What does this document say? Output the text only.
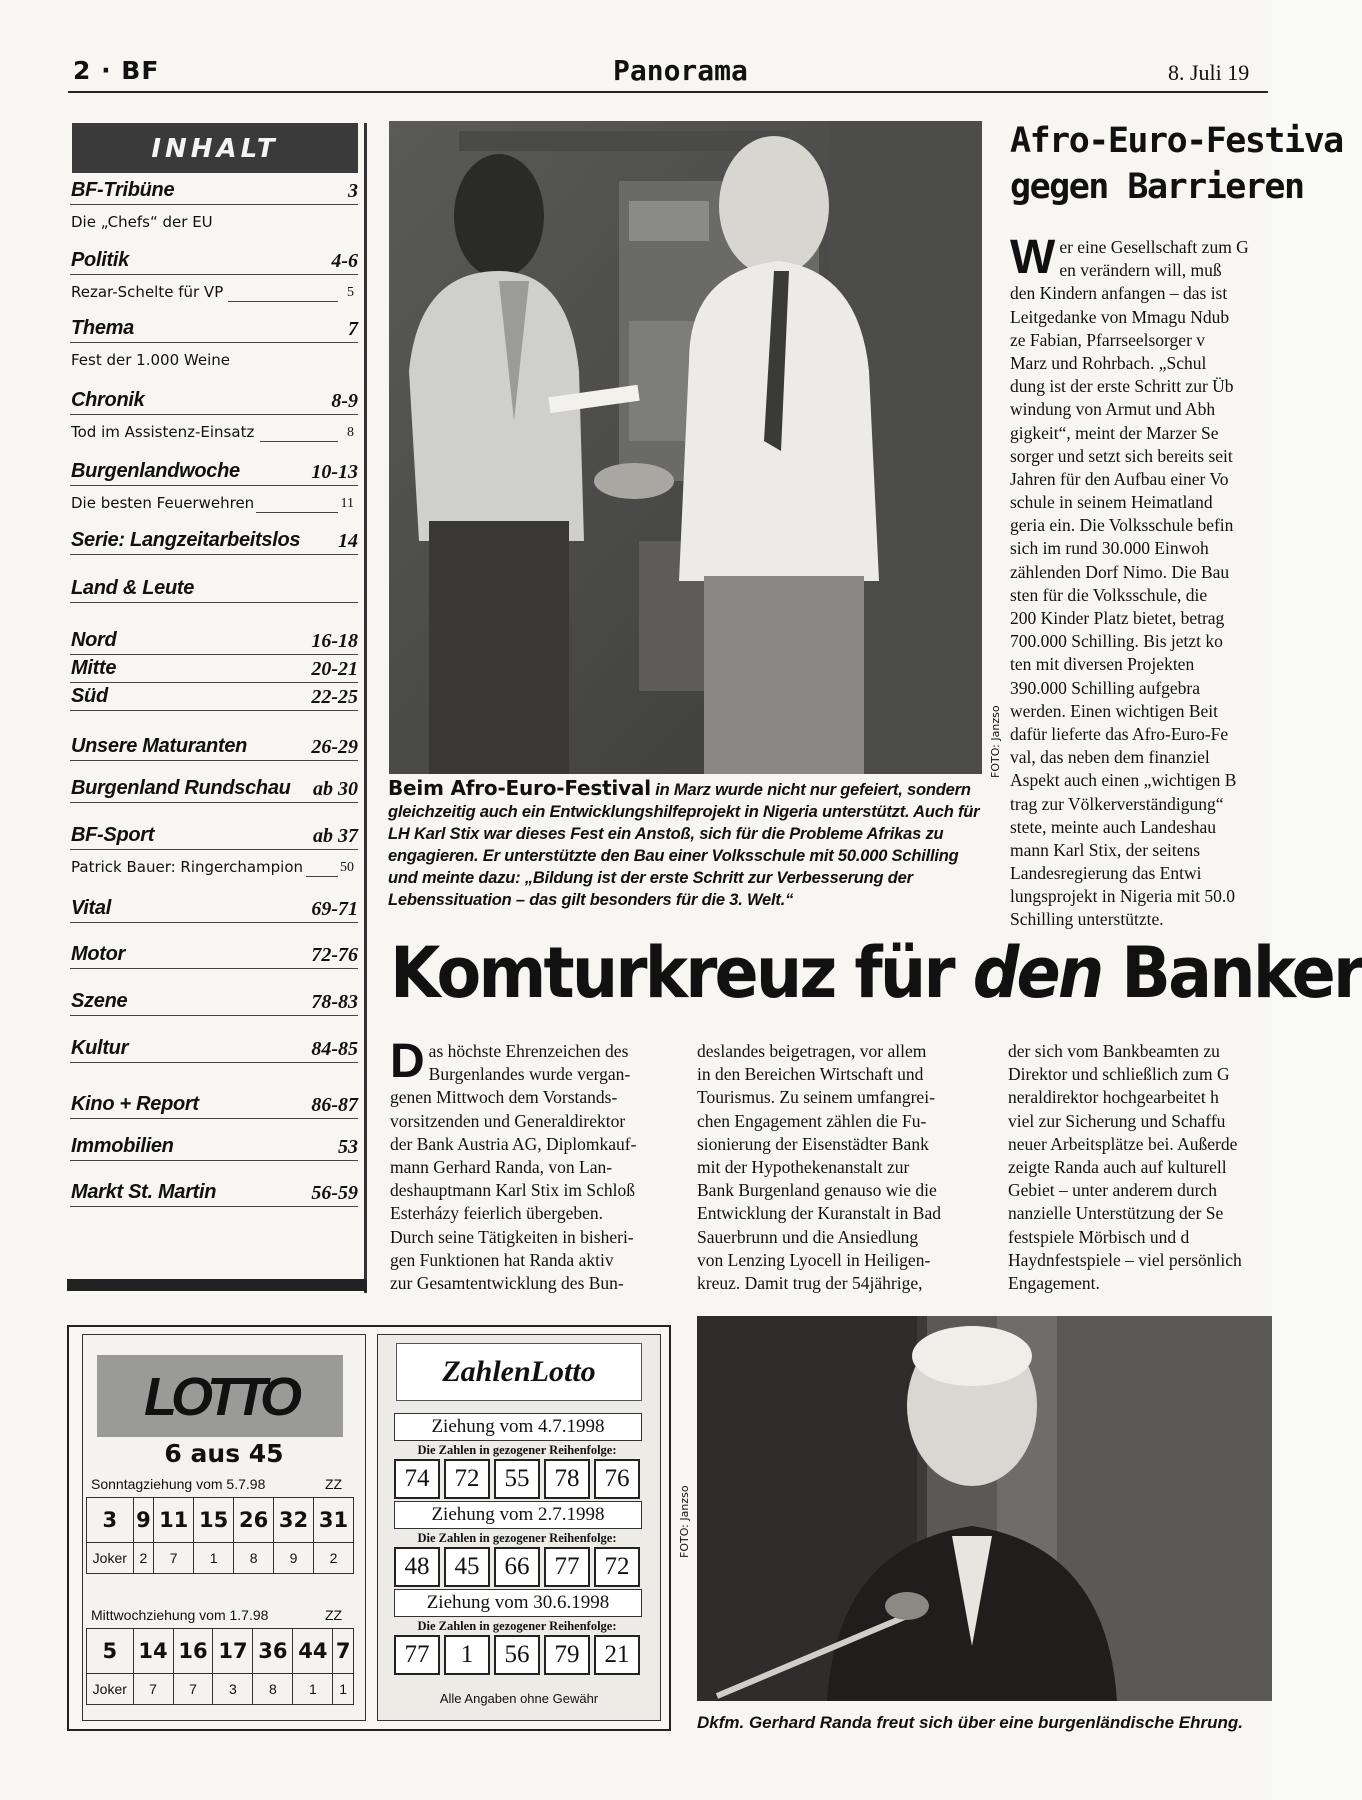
2 · BF	Panorama	8. Juli 19
INHALT
BF-Tribüne	3
Die „Chefs“ der EU
Politik	4-6
Rezar-Schelte für VP	5
Thema	7
Fest der 1.000 Weine
Chronik	8-9
Tod im Assistenz-Einsatz	8
Burgenlandwoche	10-13
Die besten Feuerwehren	11
Serie: Langzeitarbeitslos 14
Land & Leute
Nord	16-18
Mitte	20-21
Süd	22-25
Unsere Maturanten	26-29
Burgenland Rundschau ab 30
BF-Sport	ab 37
Patrick Bauer: Ringerchampion	50
Vital	69-71
Motor	72-76
Szene	78-83
Kultur	84-85
Kino + Report	86-87
Immobilien	53
Markt St. Martin	56-59
FOTO: Janzso
Beim Afro-Euro-Festival in Marz wurde nicht nur gefeiert, sondern gleichzeitig auch ein Entwicklungshilfeprojekt in Nigeria unterstützt. Auch für LH Karl Stix war dieses Fest ein Anstoß, sich für die Probleme Afrikas zu engagieren. Er unterstützte den Bau einer Volksschule mit 50.000 Schilling und meinte dazu: „Bildung ist der erste Schritt zur Verbesserung der Lebenssituation – das gilt besonders für die 3. Welt.“
Afro-Euro-Festiva
gegen Barrieren
W er eine Gesellschaft zum G
en verändern will, muß
den Kindern anfangen – das ist
Leitgedanke von Mmagu Ndub
ze Fabian, Pfarrseelsorger v
Marz und Rohrbach. „Schul
dung ist der erste Schritt zur Üb
windung von Armut und Abh
gigkeit“, meint der Marzer Se
sorger und setzt sich bereits seit
Jahren für den Aufbau einer Vo
schule in seinem Heimatland
geria ein. Die Volksschule befin
sich im rund 30.000 Einwoh
zählenden Dorf Nimo. Die Bau
sten für die Volksschule, die
200 Kinder Platz bietet, betrag
700.000 Schilling. Bis jetzt ko
ten mit diversen Projekten
390.000 Schilling aufgebra
werden. Einen wichtigen Beit
dafür lieferte das Afro-Euro-Fe
val, das neben dem finanziel
Aspekt auch einen „wichtigen B
trag zur Völkerverständigung“
stete, meinte auch Landeshau
mann Karl Stix, der seitens
Landesregierung das Entwi
lungsprojekt in Nigeria mit 50.0
Schilling unterstützte.
Komturkreuz für den Banker
D as höchste Ehrenzeichen des
Burgenlandes wurde vergan-
genen Mittwoch dem Vorstands-
vorsitzenden und Generaldirektor
der Bank Austria AG, Diplomkauf-
mann Gerhard Randa, von Lan-
deshauptmann Karl Stix im Schloß
Esterházy feierlich übergeben.
Durch seine Tätigkeiten in bisheri-
gen Funktionen hat Randa aktiv
zur Gesamtentwicklung des Bun-
deslandes beigetragen, vor allem
in den Bereichen Wirtschaft und
Tourismus. Zu seinem umfangrei-
chen Engagement zählen die Fu-
sionierung der Eisenstädter Bank
mit der Hypothekenanstalt zur
Bank Burgenland genauso wie die
Entwicklung der Kuranstalt in Bad
Sauerbrunn und die Ansiedlung
von Lenzing Lyocell in Heiligen-
kreuz. Damit trug der 54jährige,
der sich vom Bankbeamten zu
Direktor und schließlich zum G
neraldirektor hochgearbeitet h
viel zur Sicherung und Schaffu
neuer Arbeitsplätze bei. Außerde
zeigte Randa auch auf kulturell
Gebiet – unter anderem durch
nanzielle Unterstützung der Se
festspiele Mörbisch und d
Haydnfestspiele – viel persönlich
Engagement.
LOTTO
6 aus 45
Sonntagziehung vom 5.7.98	ZZ
3	9	11	15	26	32	31
Joker	2	7	1	8	9	2
Mittwochziehung vom 1.7.98	ZZ
5	14	16	17	36	44	7
Joker	7	7	3	8	1	1
ZahlenLotto
Alle Angaben ohne Gewähr
Ziehung vom 4.7.1998
Die Zahlen in gezogener Reihenfolge:
74	72	55	78	76
Ziehung vom 2.7.1998
Die Zahlen in gezogener Reihenfolge:
48	45	66	77	72
Ziehung vom 30.6.1998
Die Zahlen in gezogener Reihenfolge:
77	1	56	79	21
FOTO: Janzso
Dkfm. Gerhard Randa freut sich über eine burgenländische Ehrung.
